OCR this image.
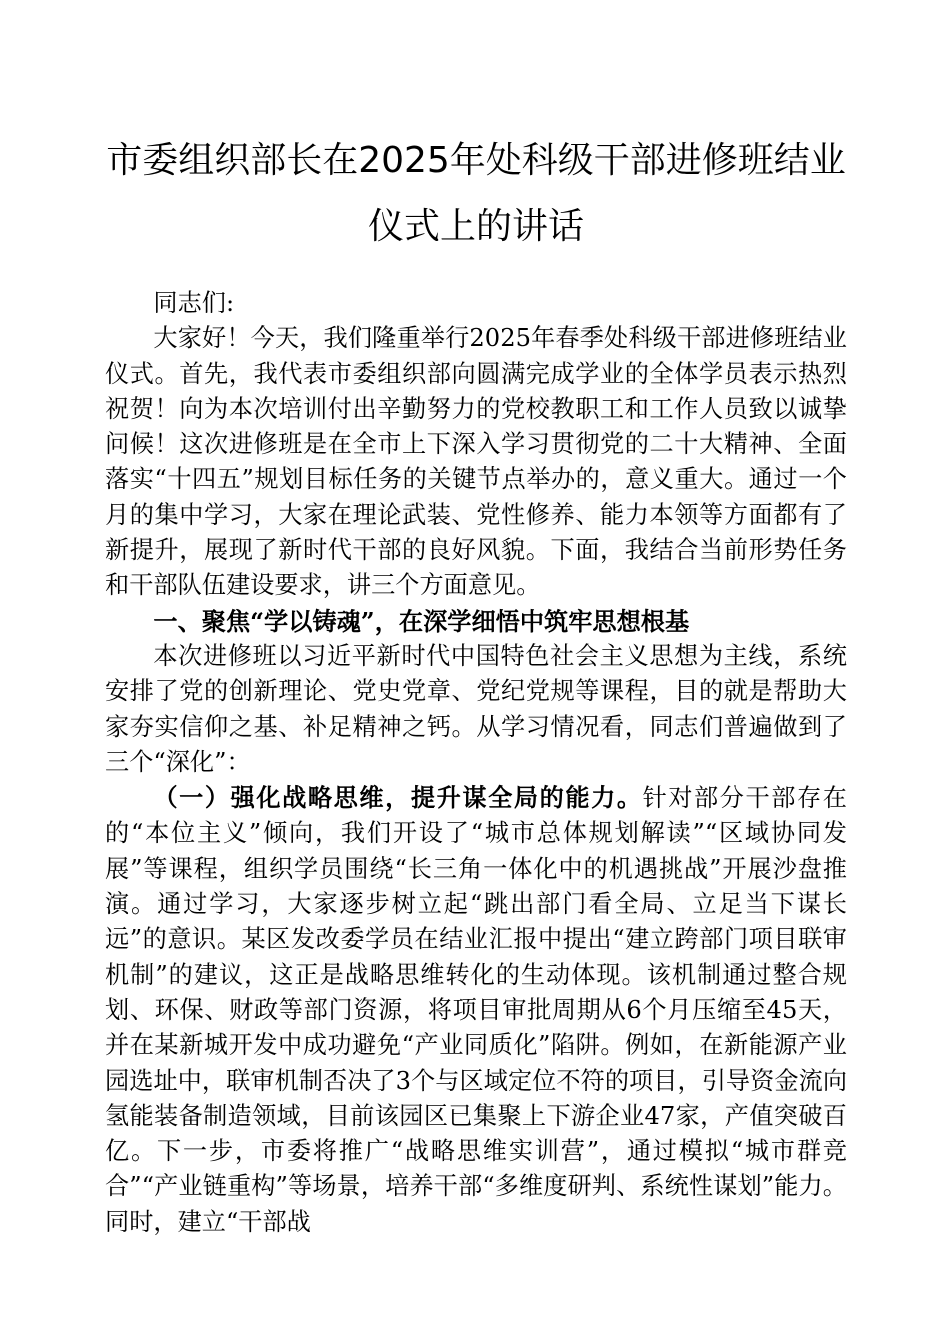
市委组织部长在2025年处科级干部进修班结业
仪式上的讲话

同志们:

大家好！今天，我们隆重举行2025年春季处科级干部进修班结业仪式。首先，我代表市委组织部向圆满完成学业的全体学员表示热烈祝贺！向为本次培训付出辛勤努力的党校教职工和工作人员致以诚挚问候！这次进修班是在全市上下深入学习贯彻党的二十大精神、全面落实“十四五”规划目标任务的关键节点举办的，意义重大。通过一个月的集中学习，大家在理论武装、党性修养、能力本领等方面都有了新提升，展现了新时代干部的良好风貌。下面，我结合当前形势任务和干部队伍建设要求，讲三个方面意见。

一、聚焦“学以铸魂”，在深学细悟中筑牢思想根基

本次进修班以习近平新时代中国特色社会主义思想为主线，系统安排了党的创新理论、党史党章、党纪党规等课程，目的就是帮助大家夯实信仰之基、补足精神之钙。从学习情况看，同志们普遍做到了三个“深化”：

（一）强化战略思维，提升谋全局的能力。针对部分干部存在的“本位主义”倾向，我们开设了“城市总体规划解读”“区域协同发展”等课程，组织学员围绕“长三角一体化中的机遇挑战”开展沙盘推演。通过学习，大家逐步树立起“跳出部门看全局、立足当下谋长远”的意识。某区发改委学员在结业汇报中提出“建立跨部门项目联审机制”的建议，这正是战略思维转化的生动体现。该机制通过整合规划、环保、财政等部门资源，将项目审批周期从6个月压缩至45天，并在某新城开发中成功避免“产业同质化”陷阱。例如，在新能源产业园选址中，联审机制否决了3个与区域定位不符的项目，引导资金流向氢能装备制造领域，目前该园区已集聚上下游企业47家，产值突破百亿。下一步，市委将推广“战略思维实训营”，通过模拟“城市群竞合”“产业链重构”等场景，培养干部“多维度研判、系统性谋划”能力。同时，建立“干部战
